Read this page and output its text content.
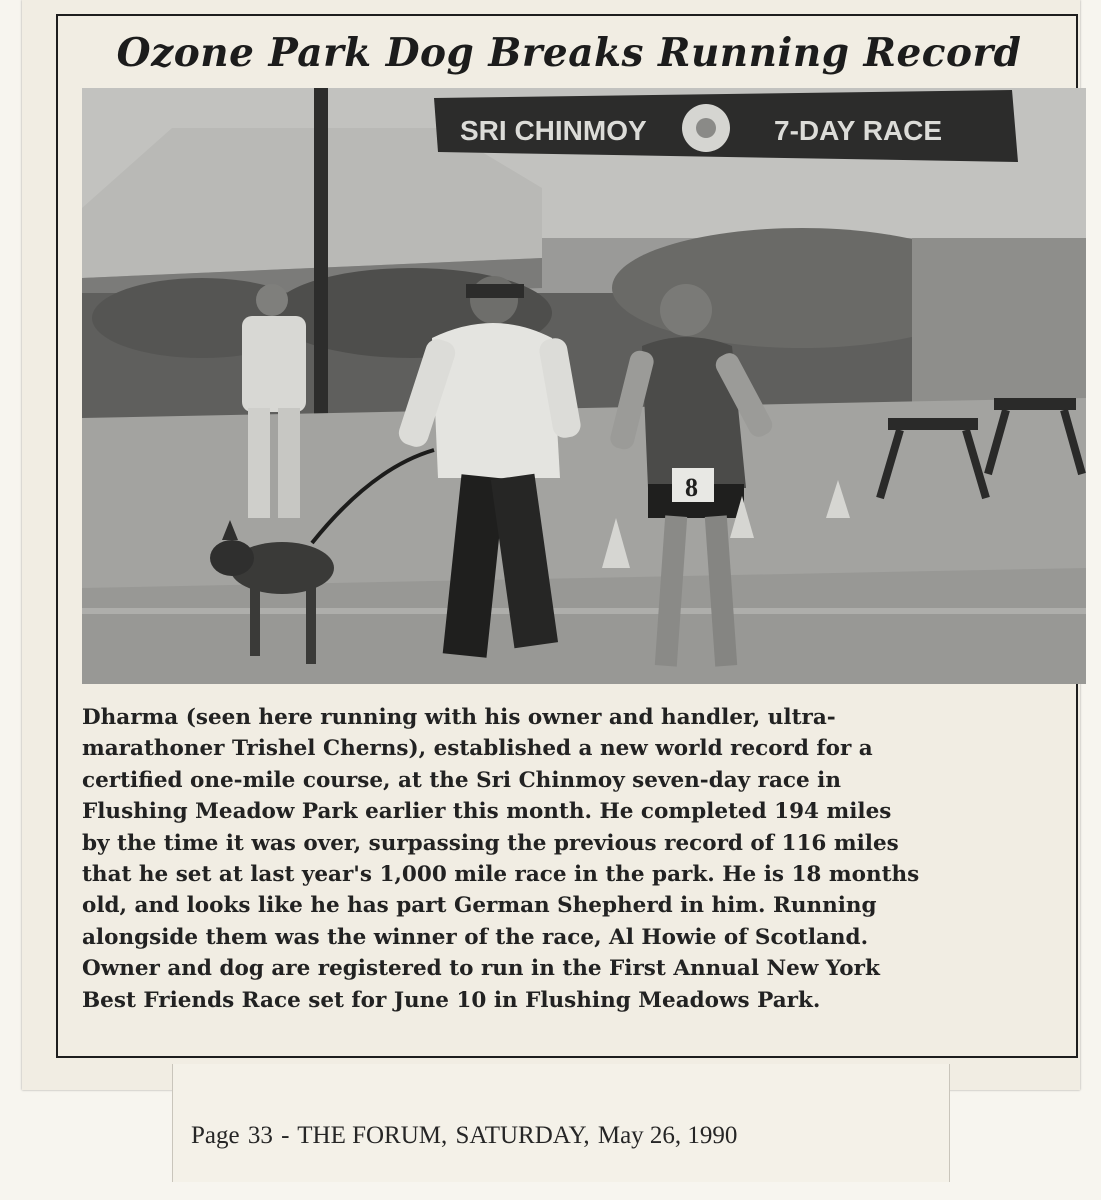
Ozone Park Dog Breaks Running Record
SRI CHINMOY	7-DAY RACE
8
Dharma (seen here running with his owner and handler, ultra-
marathoner Trishel Cherns), established a new world record for a
certified one-mile course, at the Sri Chinmoy seven-day race in
Flushing Meadow Park earlier this month. He completed 194 miles
by the time it was over, surpassing the previous record of 116 miles
that he set at last year's 1,000 mile race in the park. He is 18 months
old, and looks like he has part German Shepherd in him. Running
alongside them was the winner of the race, Al Howie of Scotland.
Owner and dog are registered to run in the First Annual New York
Best Friends Race set for June 10 in Flushing Meadows Park.
Page 33 - THE FORUM, SATURDAY, May 26, 1990
